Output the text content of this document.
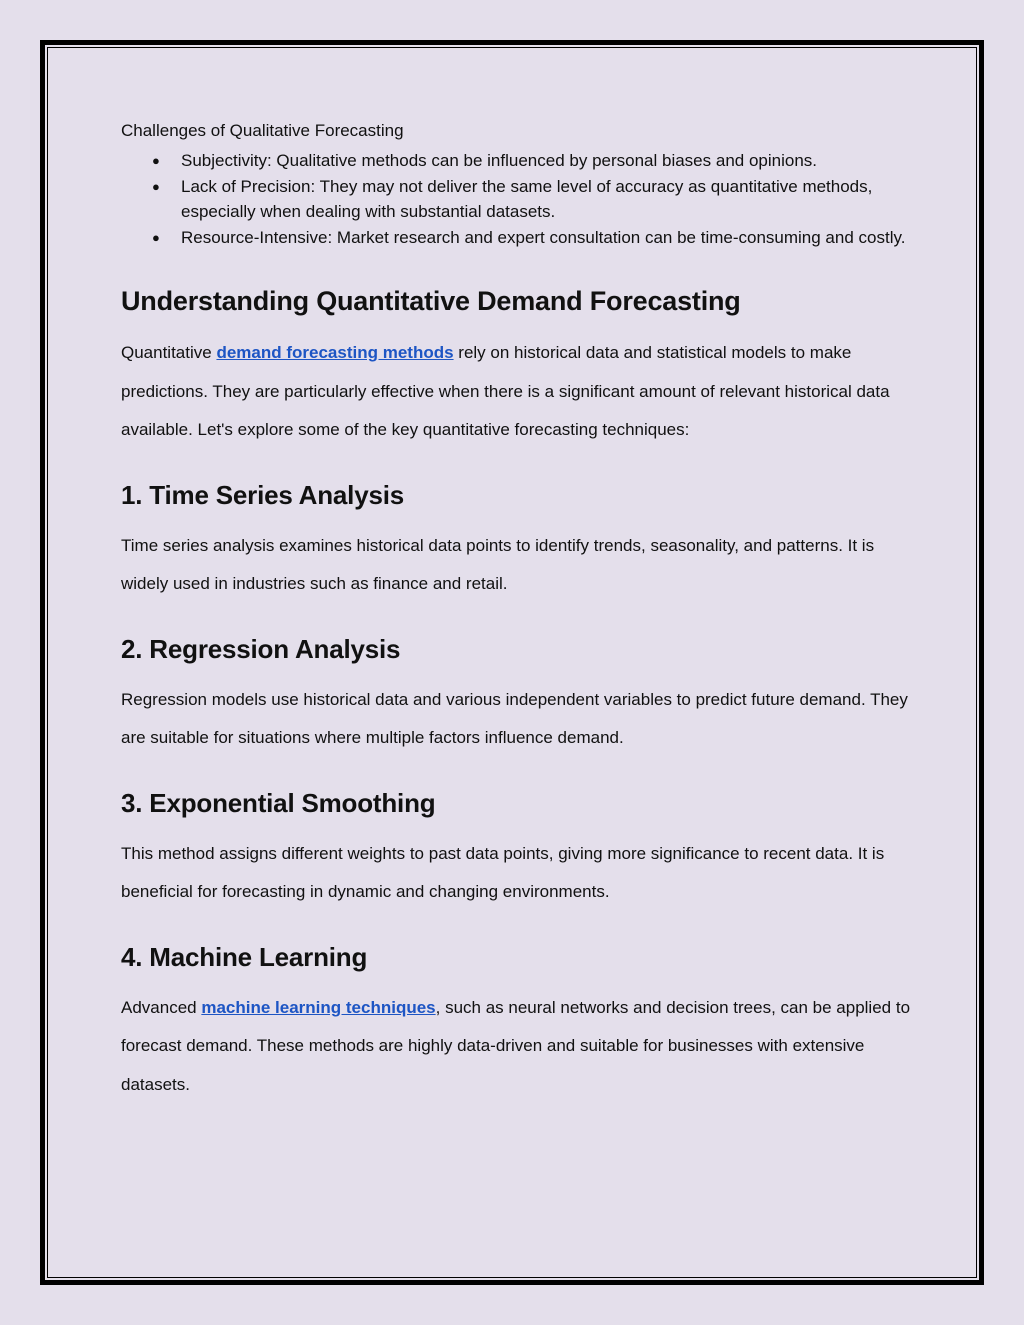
Challenges of Qualitative Forecasting

● Subjectivity: Qualitative methods can be influenced by personal biases and opinions.
● Lack of Precision: They may not deliver the same level of accuracy as quantitative methods, especially when dealing with substantial datasets.
● Resource-Intensive: Market research and expert consultation can be time-consuming and costly.
Understanding Quantitative Demand Forecasting

Quantitative demand forecasting methods rely on historical data and statistical models to make predictions. They are particularly effective when there is a significant amount of relevant historical data available. Let's explore some of the key quantitative forecasting techniques:

1. Time Series Analysis

Time series analysis examines historical data points to identify trends, seasonality, and patterns. It is widely used in industries such as finance and retail.

2. Regression Analysis

Regression models use historical data and various independent variables to predict future demand. They are suitable for situations where multiple factors influence demand.

3. Exponential Smoothing

This method assigns different weights to past data points, giving more significance to recent data. It is beneficial for forecasting in dynamic and changing environments.

4. Machine Learning

Advanced machine learning techniques, such as neural networks and decision trees, can be applied to forecast demand. These methods are highly data-driven and suitable for businesses with extensive datasets.
